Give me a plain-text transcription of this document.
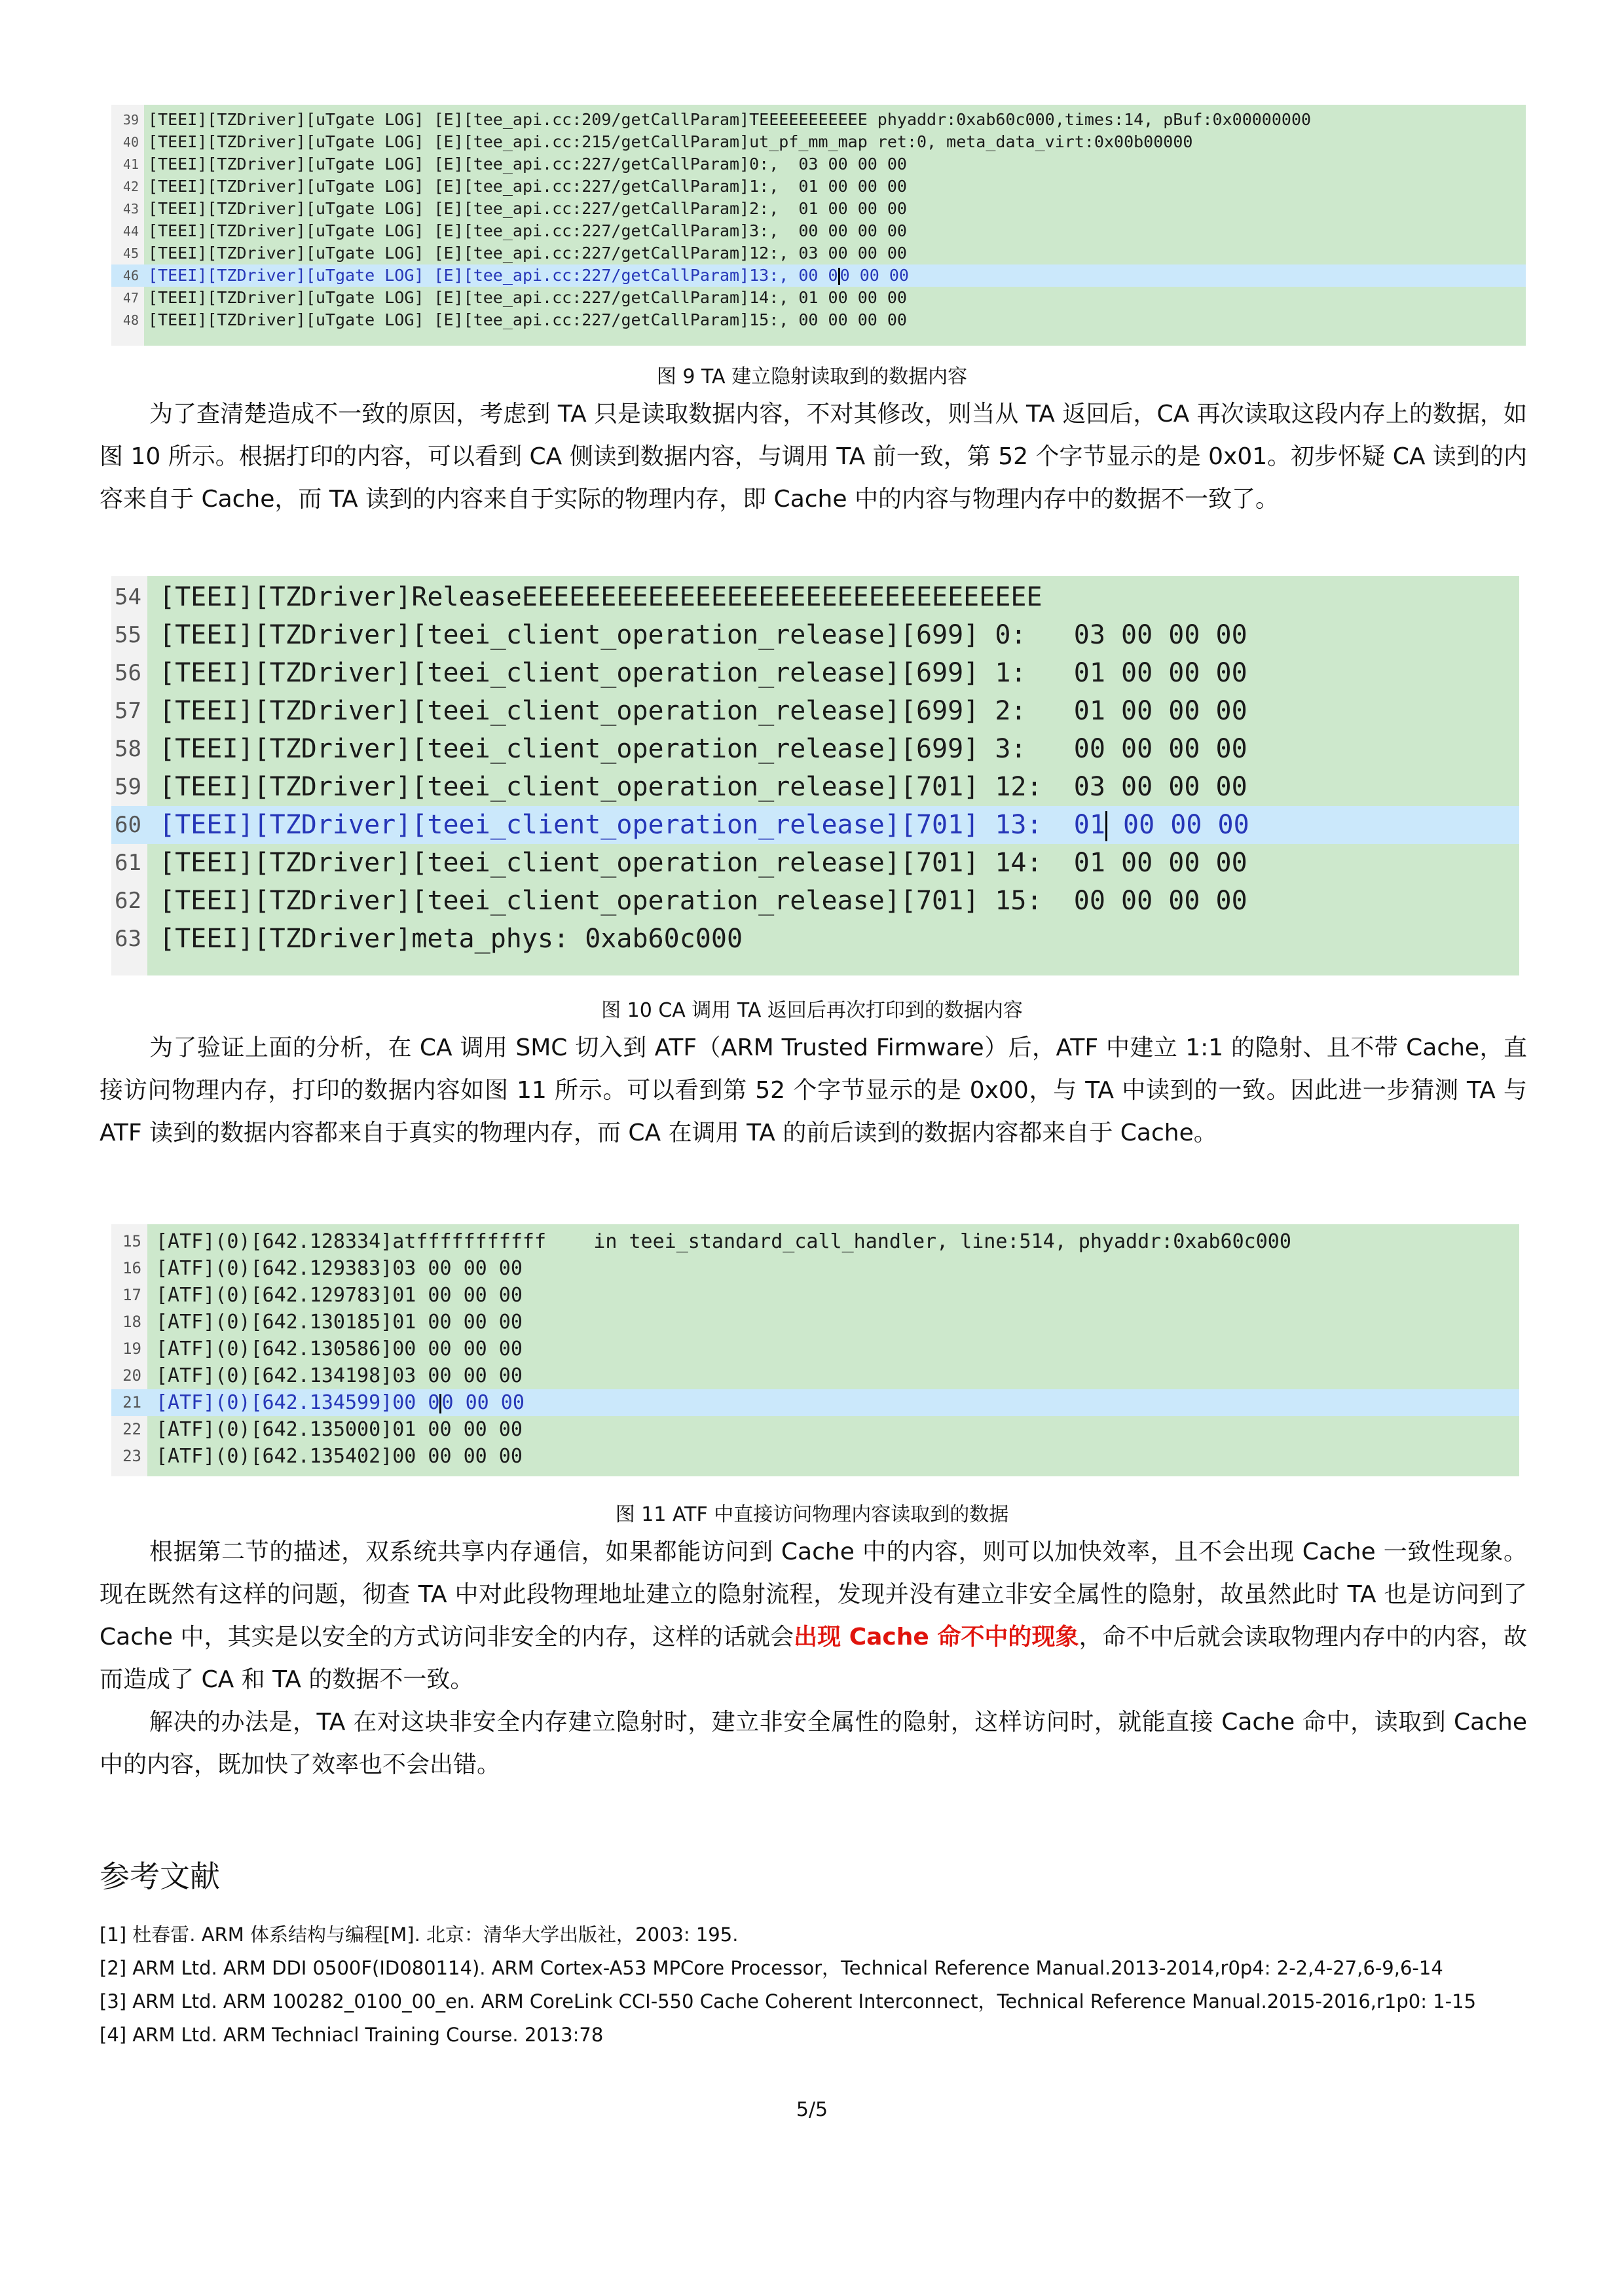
39 [TEEI][TZDriver][uTgate LOG] [E][tee_api.cc:209/getCallParam]TEEEEEEEEEEE phyaddr:0xab60c000,times:14, pBuf:0x00000000
40 [TEEI][TZDriver][uTgate LOG] [E][tee_api.cc:215/getCallParam]ut_pf_mm_map ret:0, meta_data_virt:0x00b00000
41 [TEEI][TZDriver][uTgate LOG] [E][tee_api.cc:227/getCallParam]0:,  03 00 00 00
42 [TEEI][TZDriver][uTgate LOG] [E][tee_api.cc:227/getCallParam]1:,  01 00 00 00
43 [TEEI][TZDriver][uTgate LOG] [E][tee_api.cc:227/getCallParam]2:,  01 00 00 00
44 [TEEI][TZDriver][uTgate LOG] [E][tee_api.cc:227/getCallParam]3:,  00 00 00 00
45 [TEEI][TZDriver][uTgate LOG] [E][tee_api.cc:227/getCallParam]12:, 03 00 00 00
46 [TEEI][TZDriver][uTgate LOG] [E][tee_api.cc:227/getCallParam]13:, 00 0 0 00 00
47 [TEEI][TZDriver][uTgate LOG] [E][tee_api.cc:227/getCallParam]14:, 01 00 00 00
48 [TEEI][TZDriver][uTgate LOG] [E][tee_api.cc:227/getCallParam]15:, 00 00 00 00
图 9 TA 建立隐射读取到的数据内容

为了查清楚造成不一致的原因，考虑到 TA 只是读取数据内容，不对其修改，则当从 TA 返回后，CA 再次读取这段内存上的数据，如图 10 所示。根据打印的内容，可以看到 CA 侧读到数据内容，与调用 TA 前一致，第 52 个字节显示的是 0x01。初步怀疑 CA 读到的内容来自于 Cache，而 TA 读到的内容来自于实际的物理内存，即 Cache 中的内容与物理内存中的数据不一致了。

54 [TEEI][TZDriver]ReleaseEEEEEEEEEEEEEEEEEEEEEEEEEEEEEEEEE
55 [TEEI][TZDriver][teei_client_operation_release][699] 0:   03 00 00 00
56 [TEEI][TZDriver][teei_client_operation_release][699] 1:   01 00 00 00
57 [TEEI][TZDriver][teei_client_operation_release][699] 2:   01 00 00 00
58 [TEEI][TZDriver][teei_client_operation_release][699] 3:   00 00 00 00
59 [TEEI][TZDriver][teei_client_operation_release][701] 12:  03 00 00 00
60 [TEEI][TZDriver][teei_client_operation_release][701] 13:  01 00 00 00
61 [TEEI][TZDriver][teei_client_operation_release][701] 14:  01 00 00 00
62 [TEEI][TZDriver][teei_client_operation_release][701] 15:  00 00 00 00
63 [TEEI][TZDriver]meta_phys: 0xab60c000
图 10 CA 调用 TA 返回后再次打印到的数据内容

为了验证上面的分析，在 CA 调用 SMC 切入到 ATF（ARM Trusted Firmware）后，ATF 中建立 1:1 的隐射、且不带 Cache，直接访问物理内存，打印的数据内容如图 11 所示。可以看到第 52 个字节显示的是 0x00，与 TA 中读到的一致。因此进一步猜测 TA 与 ATF 读到的数据内容都来自于真实的物理内存，而 CA 在调用 TA 的前后读到的数据内容都来自于 Cache。

15 [ATF](0)[642.128334]atfffffffffff    in teei_standard_call_handler, line:514, phyaddr:0xab60c000
16 [ATF](0)[642.129383]03 00 00 00
17 [ATF](0)[642.129783]01 00 00 00
18 [ATF](0)[642.130185]01 00 00 00
19 [ATF](0)[642.130586]00 00 00 00
20 [ATF](0)[642.134198]03 00 00 00
21 [ATF](0)[642.134599]00 0 0 00 00
22 [ATF](0)[642.135000]01 00 00 00
23 [ATF](0)[642.135402]00 00 00 00
图 11 ATF 中直接访问物理内容读取到的数据

根据第二节的描述，双系统共享内存通信，如果都能访问到 Cache 中的内容，则可以加快效率，且不会出现 Cache 一致性现象。现在既然有这样的问题，彻查 TA 中对此段物理地址建立的隐射流程，发现并没有建立非安全属性的隐射，故虽然此时 TA 也是访问到了 Cache 中，其实是以安全的方式访问非安全的内存，这样的话就会出现 Cache 命不中的现象，命不中后就会读取物理内存中的内容，故而造成了 CA 和 TA 的数据不一致。

解决的办法是，TA 在对这块非安全内存建立隐射时，建立非安全属性的隐射，这样访问时，就能直接 Cache 命中，读取到 Cache 中的内容，既加快了效率也不会出错。

参考文献
[1] 杜春雷. ARM 体系结构与编程[M]. 北京：清华大学出版社，2003: 195.
[2] ARM Ltd. ARM DDI 0500F(ID080114). ARM Cortex-A53 MPCore Processor，Technical Reference Manual.2013-2014,r0p4: 2-2,4-27,6-9,6-14
[3] ARM Ltd. ARM 100282_0100_00_en. ARM CoreLink CCI-550 Cache Coherent Interconnect，Technical Reference Manual.2015-2016,r1p0: 1-15
[4] ARM Ltd. ARM Techniacl Training Course. 2013:78
5/5
